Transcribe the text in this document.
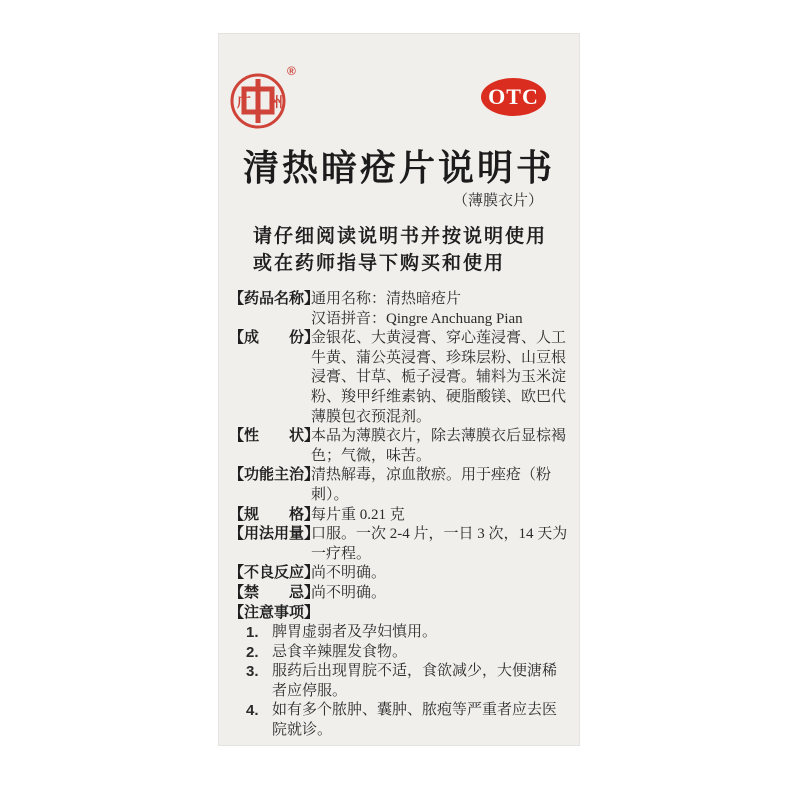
广 州
®
OTC
清热暗疮片说明书
（薄膜衣片）
请仔细阅读说明书并按说明使用
或在药师指导下购买和使用
【药品名称】
通用名称：清热暗疮片
汉语拼音：Qingre Anchuang Pian
【成　　份】
金银花、大黄浸膏、穿心莲浸膏、人工牛黄、蒲公英浸膏、珍珠层粉、山豆根浸膏、甘草、栀子浸膏。辅料为玉米淀粉、羧甲纤维素钠、硬脂酸镁、欧巴代薄膜包衣预混剂。
【性　　状】
本品为薄膜衣片，除去薄膜衣后显棕褐色；气微，味苦。
【功能主治】
清热解毒，凉血散瘀。用于痤疮（粉刺）。
【规　　格】
每片重 0.21 克
【用法用量】
口服。一次 2-4 片，一日 3 次，14 天为一疗程。
【不良反应】
尚不明确。
【禁　　忌】
尚不明确。
【注意事项】
1. 脾胃虚弱者及孕妇慎用。
2. 忌食辛辣腥发食物。
3. 服药后出现胃脘不适，食欲减少，大便溏稀者应停服。
4. 如有多个脓肿、囊肿、脓疱等严重者应去医院就诊。
